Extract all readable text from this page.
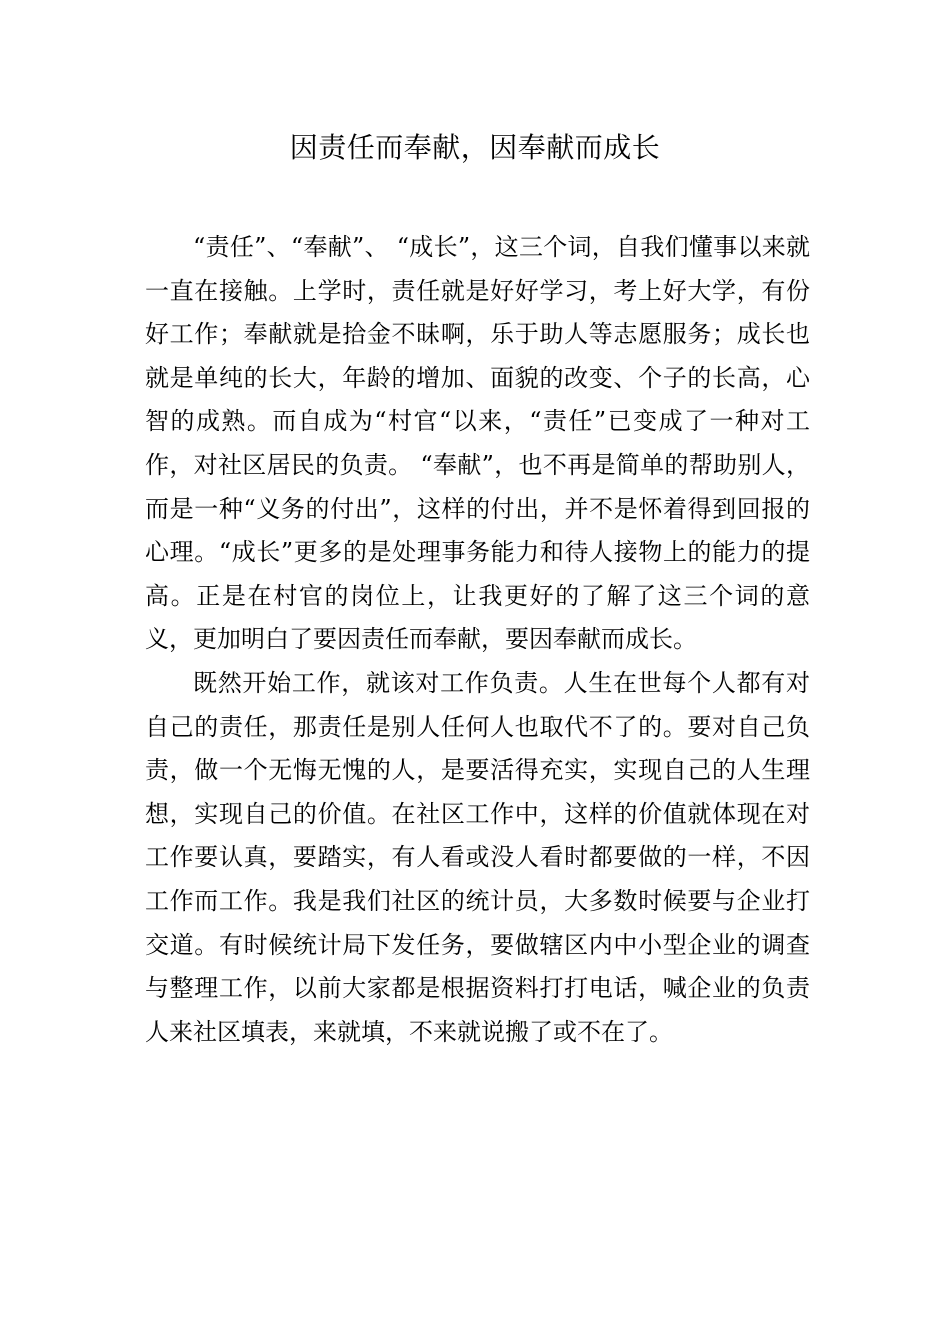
因责任而奉献，因奉献而成长

“责任”、“奉献”、 “成长”，这三个词，自我们懂事以来就一直在接触。上学时，责任就是好好学习，考上好大学，有份好工作；奉献就是拾金不昧啊，乐于助人等志愿服务；成长也就是单纯的长大，年龄的增加、面貌的改变、个子的长高，心智的成熟。而自成为“村官“以来，“责任”已变成了一种对工作，对社区居民的负责。 “奉献”，也不再是简单的帮助别人，而是一种“义务的付出”，这样的付出，并不是怀着得到回报的心理。“成长”更多的是处理事务能力和待人接物上的能力的提高。正是在村官的岗位上，让我更好的了解了这三个词的意义，更加明白了要因责任而奉献，要因奉献而成长。

既然开始工作，就该对工作负责。人生在世每个人都有对自己的责任，那责任是别人任何人也取代不了的。要对自己负责，做一个无悔无愧的人，是要活得充实，实现自己的人生理想，实现自己的价值。在社区工作中，这样的价值就体现在对工作要认真，要踏实，有人看或没人看时都要做的一样，不因工作而工作。我是我们社区的统计员，大多数时候要与企业打交道。有时候统计局下发任务，要做辖区内中小型企业的调查与整理工作，以前大家都是根据资料打打电话，喊企业的负责人来社区填表，来就填，不来就说搬了或不在了。
